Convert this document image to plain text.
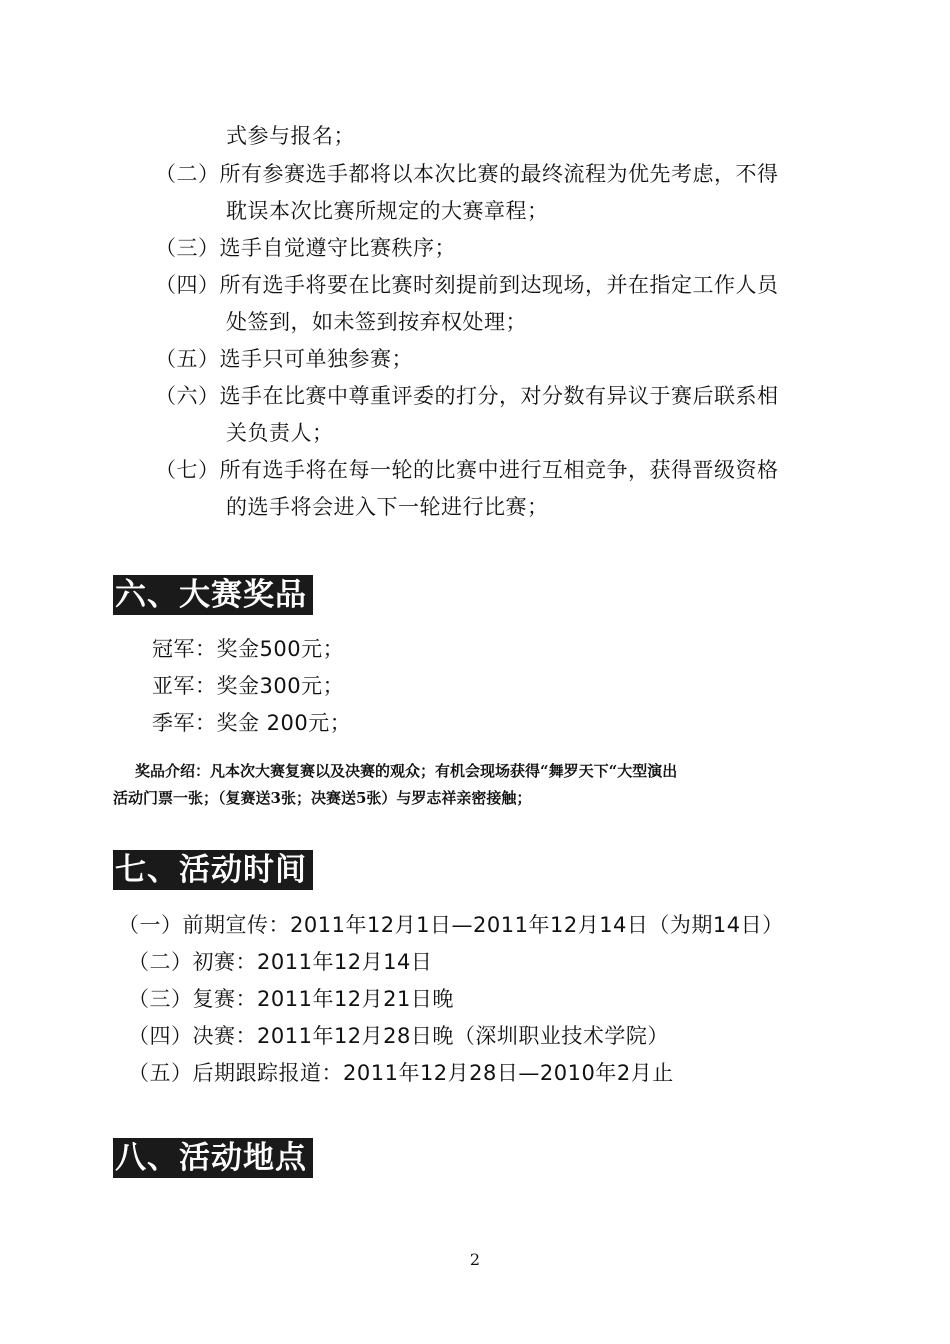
式参与报名；
（二）所有参赛选手都将以本次比赛的最终流程为优先考虑，不得
耽误本次比赛所规定的大赛章程；
（三）选手自觉遵守比赛秩序；
（四）所有选手将要在比赛时刻提前到达现场，并在指定工作人员
处签到，如未签到按弃权处理；
（五）选手只可单独参赛；
（六）选手在比赛中尊重评委的打分，对分数有异议于赛后联系相
关负责人；
（七）所有选手将在每一轮的比赛中进行互相竞争，获得晋级资格
的选手将会进入下一轮进行比赛；
六、大赛奖品
冠军：奖金500元；
亚军：奖金300元；
季军：奖金 200元；
奖品介绍：凡本次大赛复赛以及决赛的观众；有机会现场获得“舞罗天下“大型演出
活动门票一张；（复赛送3张；决赛送5张）与罗志祥亲密接触；
七、活动时间
（一）前期宣传：2011年12月1日—2011年12月14日（为期14日）
（二）初赛：2011年12月14日
（三）复赛：2011年12月21日晚
（四）决赛：2011年12月28日晚（深圳职业技术学院）
（五）后期跟踪报道：2011年12月28日—2010年2月止
八、活动地点
2
